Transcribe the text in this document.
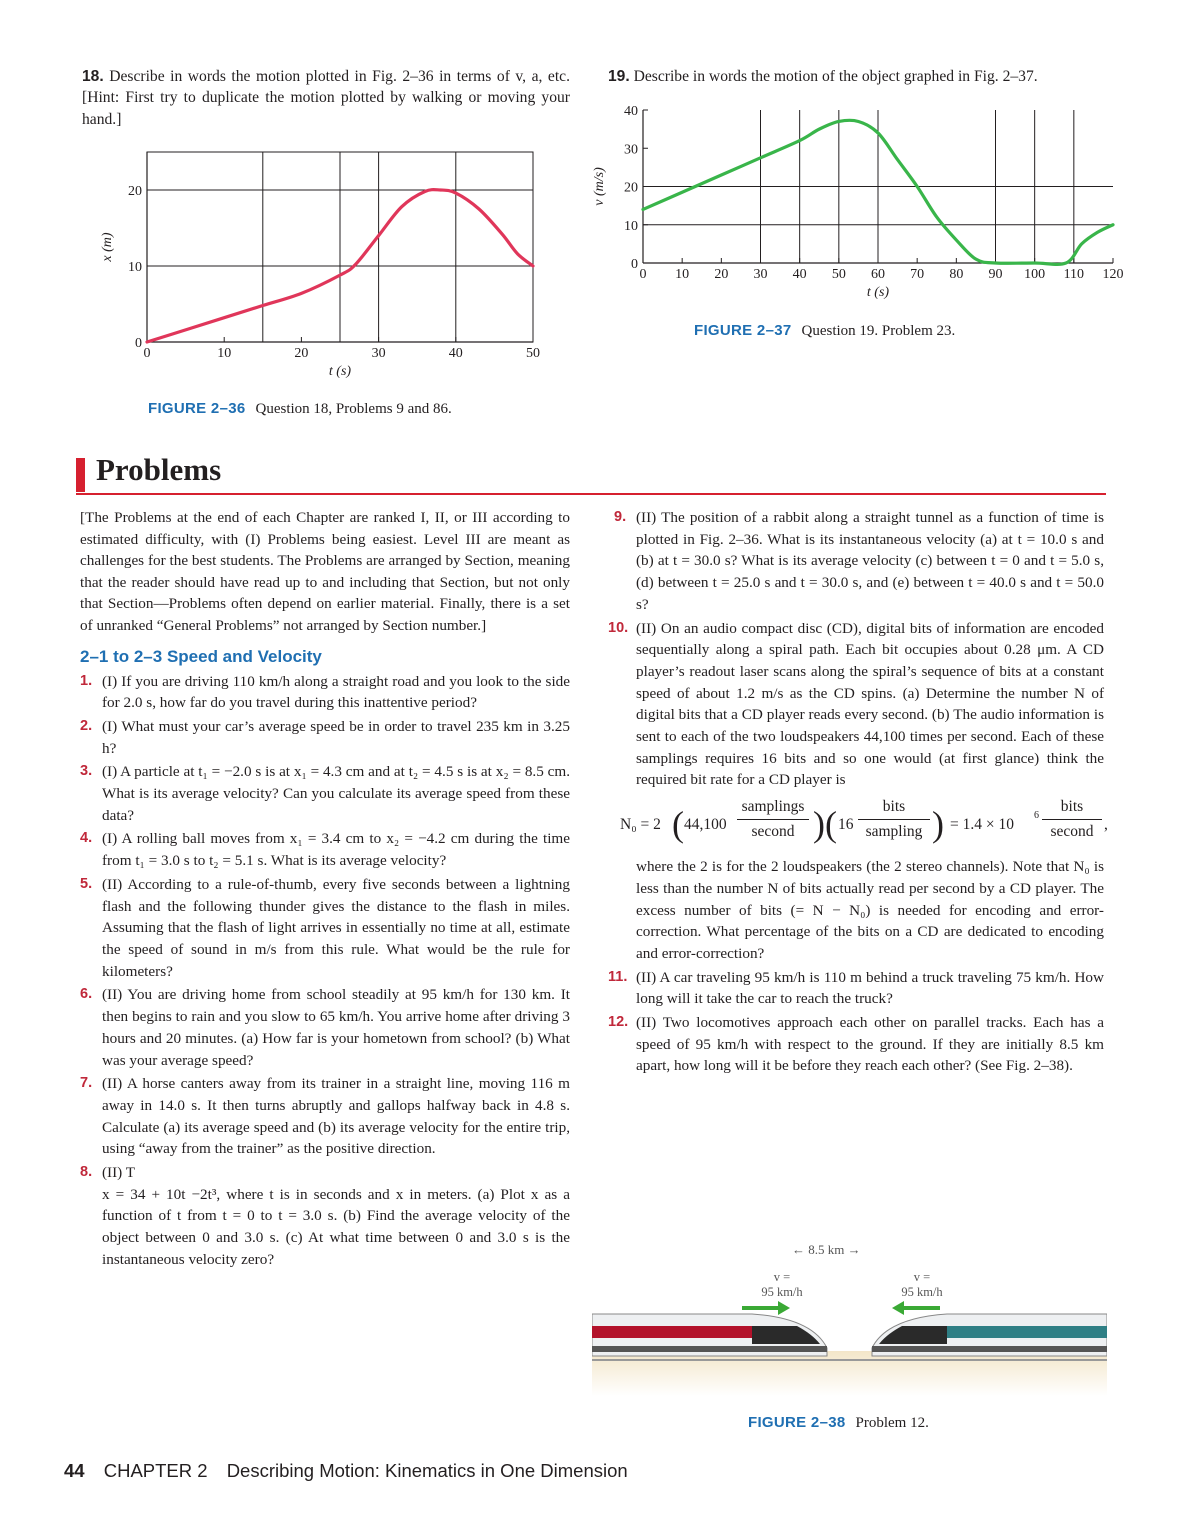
18. Describe in words the motion plotted in Fig. 2–36 in terms of v, a, etc. [Hint: First try to duplicate the motion plotted by walking or moving your hand.]
19. Describe in words the motion of the object graphed in Fig. 2–37.
0	10	20	30	40	50
0
10
20
t (s)
x (m)
FIGURE 2–36 Question 18, Problems 9 and 86.
0 10 20 30 40 50 60 70 80 90 100 110 120
0
10
20
30
40
t (s)
v (m/s)
FIGURE 2–37 Question 19. Problem 23.
Problems
[The Problems at the end of each Chapter are ranked I, II, or III according to estimated difficulty, with (I) Problems being easiest. Level III are meant as challenges for the best students. The Problems are arranged by Section, meaning that the reader should have read up to and including that Section, but not only that Section—Problems often depend on earlier material. Finally, there is a set of unranked “General Problems” not arranged by Section number.]
2–1 to 2–3 Speed and Velocity
1. (I) If you are driving 110 km/h along a straight road and you look to the side for 2.0 s, how far do you travel during this inattentive period?
2. (I) What must your car’s average speed be in order to travel 235 km in 3.25 h?
3. (I) A particle at t₁ = −2.0 s is at x₁ = 4.3 cm and at t₂ = 4.5 s is at x₂ = 8.5 cm. What is its average velocity? Can you calculate its average speed from these data?
4. (I) A rolling ball moves from x₁ = 3.4 cm to x₂ = −4.2 cm during the time from t₁ = 3.0 s to t₂ = 5.1 s. What is its average velocity?
5. (II) According to a rule-of-thumb, every five seconds between a lightning flash and the following thunder gives the distance to the flash in miles. Assuming that the flash of light arrives in essentially no time at all, estimate the speed of sound in m/s from this rule. What would be the rule for kilometers?
6. (II) You are driving home from school steadily at 95 km/h for 130 km. It then begins to rain and you slow to 65 km/h. You arrive home after driving 3 hours and 20 minutes. (a) How far is your hometown from school? (b) What was your average speed?
7. (II) A horse canters away from its trainer in a straight line, moving 116 m away in 14.0 s. It then turns abruptly and gallops halfway back in 4.8 s. Calculate (a) its average speed and (b) its average velocity for the entire trip, using “away from the trainer” as the positive direction.
8. (II) T
x = 34 + 10t −2t³, where t is in seconds and x in meters. (a) Plot x as a function of t from t = 0 to t = 3.0 s. (b) Find the average velocity of the object between 0 and 3.0 s. (c) At what time between 0 and 3.0 s is the instantaneous velocity zero?
9. (II) The position of a rabbit along a straight tunnel as a function of time is plotted in Fig. 2–36. What is its instantaneous velocity (a) at t = 10.0 s and (b) at t = 30.0 s? What is its average velocity (c) between t = 0 and t = 5.0 s, (d) between t = 25.0 s and t = 30.0 s, and (e) between t = 40.0 s and t = 50.0 s?
10. (II) On an audio compact disc (CD), digital bits of information are encoded sequentially along a spiral path. Each bit occupies about 0.28 μm. A CD player’s readout laser scans along the spiral’s sequence of bits at a constant speed of about 1.2 m/s as the CD spins. (a) Determine the number N of digital bits that a CD player reads every second. (b) The audio information is sent to each of the two loudspeakers 44,100 times per second. Each of these samplings requires 16 bits and so one would (at first glance) think the required bit rate for a CD player is
N₀ = 2 ( 44,100
samplings
second )( 16
bits
sampling ) = 1.4 × 10
6
bits
second ,
where the 2 is for the 2 loudspeakers (the 2 stereo channels). Note that N₀ is less than the number N of bits actually read per second by a CD player. The excess number of bits (= N − N₀) is needed for encoding and error-correction. What percentage of the bits on a CD are dedicated to encoding and error-correction?
11. (II) A car traveling 95 km/h is 110 m behind a truck traveling 75 km/h. How long will it take the car to reach the truck?
12. (II) Two locomotives approach each other on parallel tracks. Each has a speed of 95 km/h with respect to the ground. If they are initially 8.5 km apart, how long will it be before they reach each other? (See Fig. 2–38).
← 8.5 km →
v =
95 km/h
v =
95 km/h
FIGURE 2–38 Problem 12.
44 CHAPTER 2 Describing Motion: Kinematics in One Dimension
